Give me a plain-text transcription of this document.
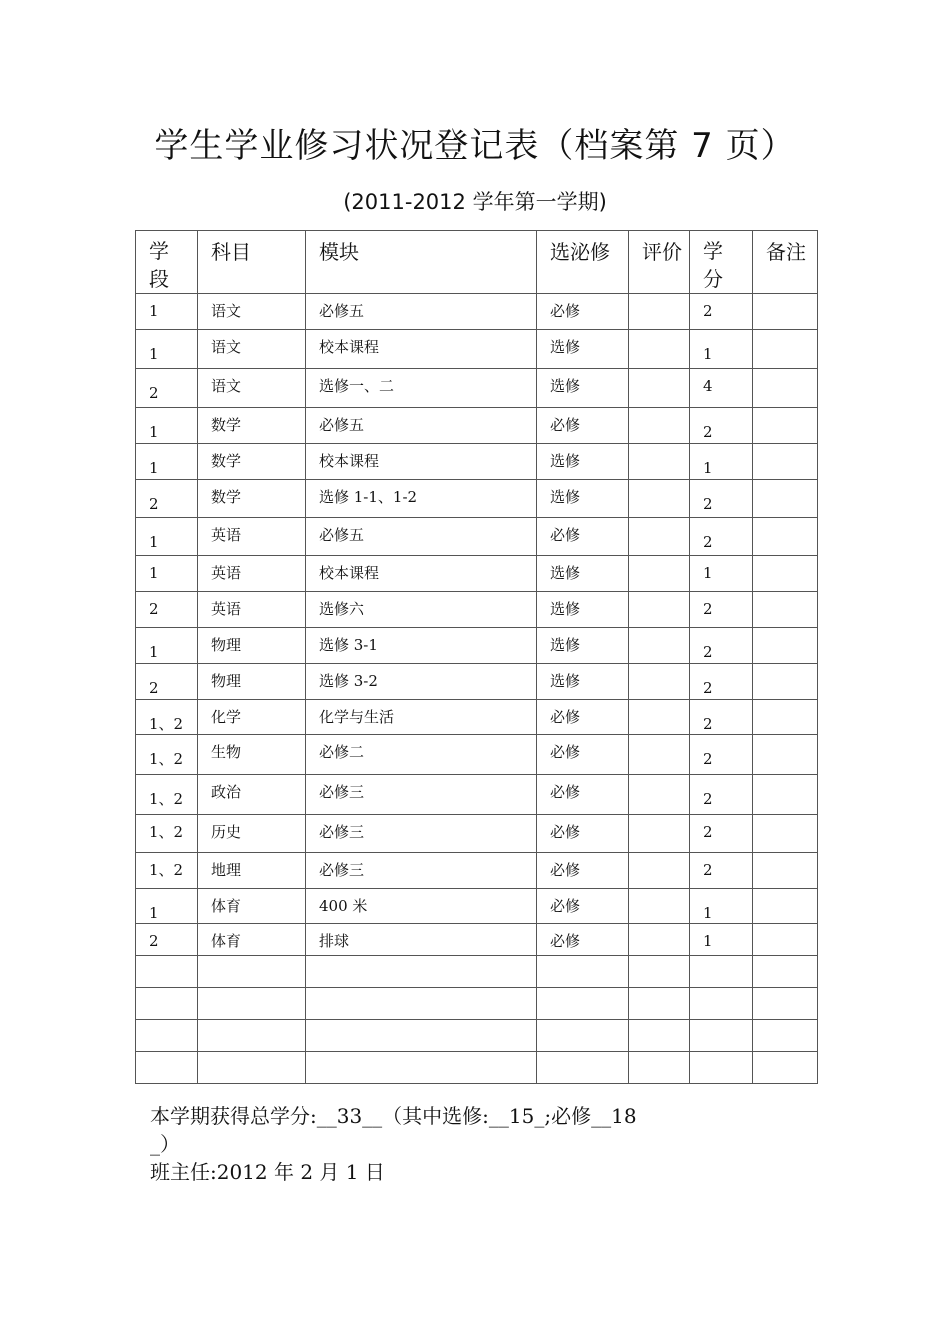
学生学业修习状况登记表（档案第 7 页）
(2011-2012 学年第一学期)
学段	科目	模块	选泌修	评价	学分	备注

1	语文	必修五	必修		2	

1	语文	校本课程	选修		1	

2	语文	选修一、二	选修		4	

1	数学	必修五	必修		2	

1	数学	校本课程	选修		1	

2	数学	选修 1-1、1-2	选修		2	

1	英语	必修五	必修		2	

1	英语	校本课程	选修		1	

2	英语	选修六	选修		2	

1	物理	选修 3-1	选修		2	

2	物理	选修 3-2	选修		2	

1、2	化学	化学与生活	必修		2	

1、2	生物	必修二	必修		2	

1、2	政治	必修三	必修		2	

1、2	历史	必修三	必修		2	

1、2	地理	必修三	必修		2	

1	体育	400 米	必修		1	

2	体育	排球	必修		1	

本学期获得总学分:__33__（其中选修:__15_;必修__18
_）
班主任:2012 年 2 月 1 日
